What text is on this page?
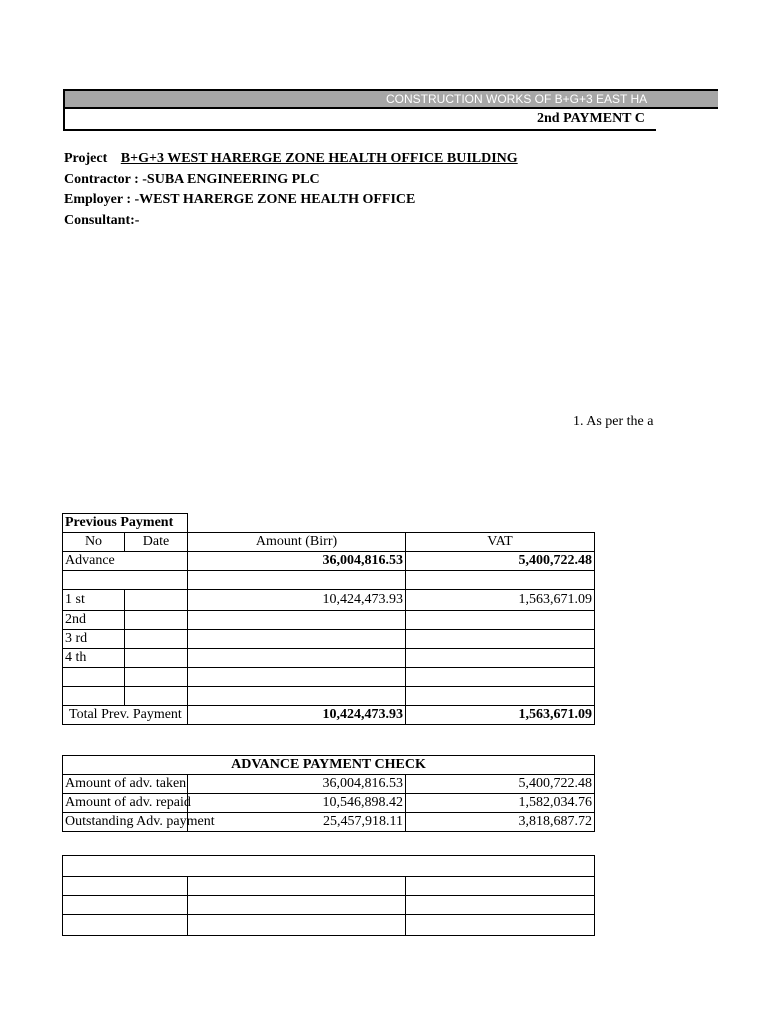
CONSTRUCTION WORKS OF B+G+3 EAST HA
2nd PAYMENT C
Project B+G+3 WEST HARERGE ZONE HEALTH OFFICE BUILDING
Contractor : -SUBA ENGINEERING PLC
Employer : -WEST HARERGE ZONE HEALTH OFFICE
Consultant:-
1. As per the a
Previous Payment			
No	Date	Amount (Birr)	VAT
Advance		36,004,816.53	5,400,722.48

1 st		10,424,473.93	1,563,671.09
2nd			
3 rd			
4 th			

Total Prev. Payment		10,424,473.93	1,563,671.09
ADVANCE PAYMENT CHECK		
Amount of adv. taken	36,004,816.53	5,400,722.48
Amount of adv. repaid	10,546,898.42	1,582,034.76
Outstanding Adv. payment	25,457,918.11	3,818,687.72
